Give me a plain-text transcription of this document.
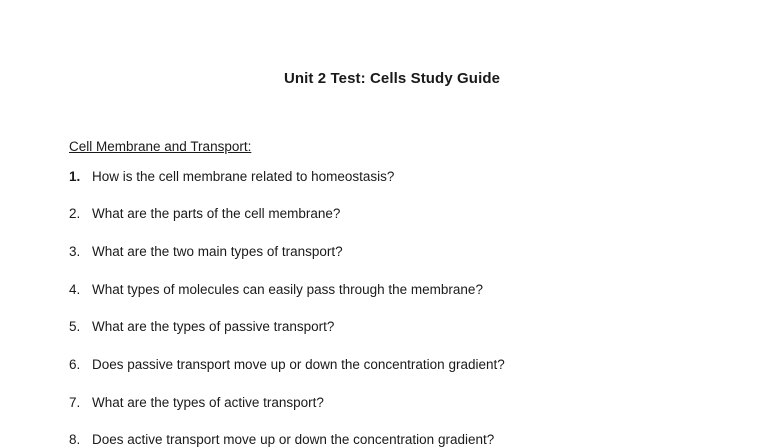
Unit 2 Test: Cells Study Guide
Cell Membrane and Transport:
1. How is the cell membrane related to homeostasis?
2. What are the parts of the cell membrane?
3. What are the two main types of transport?
4. What types of molecules can easily pass through the membrane?
5. What are the types of passive transport?
6. Does passive transport move up or down the concentration gradient?
7. What are the types of active transport?
8. Does active transport move up or down the concentration gradient?
